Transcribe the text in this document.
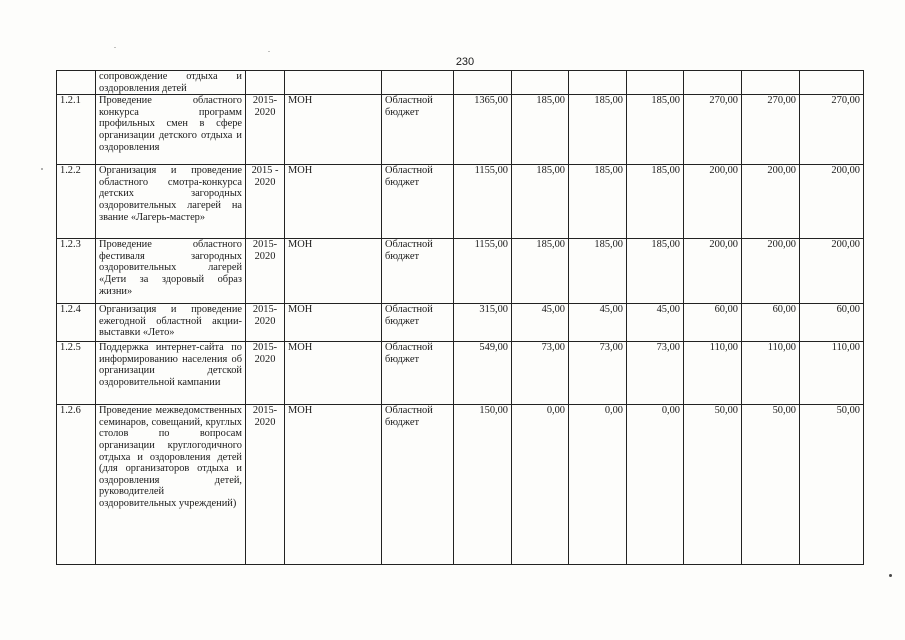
230
	сопровождение отдыха и оздоровления детей										
1.2.1	Проведение областного конкурса программ профильных смен в сфере организации детского отдыха и оздоровления	2015-2020	МОН	Областной бюджет	1365,00	185,00	185,00	185,00	270,00	270,00	270,00
1.2.2	Организация и проведение областного смотра-конкурса детских загородных оздоровительных лагерей на звание «Лагерь-мастер»	2015 - 2020	МОН	Областной бюджет	1155,00	185,00	185,00	185,00	200,00	200,00	200,00
1.2.3	Проведение областного фестиваля загородных оздоровительных лагерей «Дети за здоровый образ жизни»	2015-2020	МОН	Областной бюджет	1155,00	185,00	185,00	185,00	200,00	200,00	200,00
1.2.4	Организация и проведение ежегодной областной акции-выставки «Лето»	2015-2020	МОН	Областной бюджет	315,00	45,00	45,00	45,00	60,00	60,00	60,00
1.2.5	Поддержка интернет-сайта по информированию населения об организации детской оздоровительной кампании	2015-2020	МОН	Областной бюджет	549,00	73,00	73,00	73,00	110,00	110,00	110,00
1.2.6	Проведение межведомственных семинаров, совещаний, круглых столов по вопросам организации круглогодичного отдыха и оздоровления детей (для организаторов отдыха и оздоровления детей, руководителей оздоровительных учреждений)	2015-2020	МОН	Областной бюджет	150,00	0,00	0,00	0,00	50,00	50,00	50,00
